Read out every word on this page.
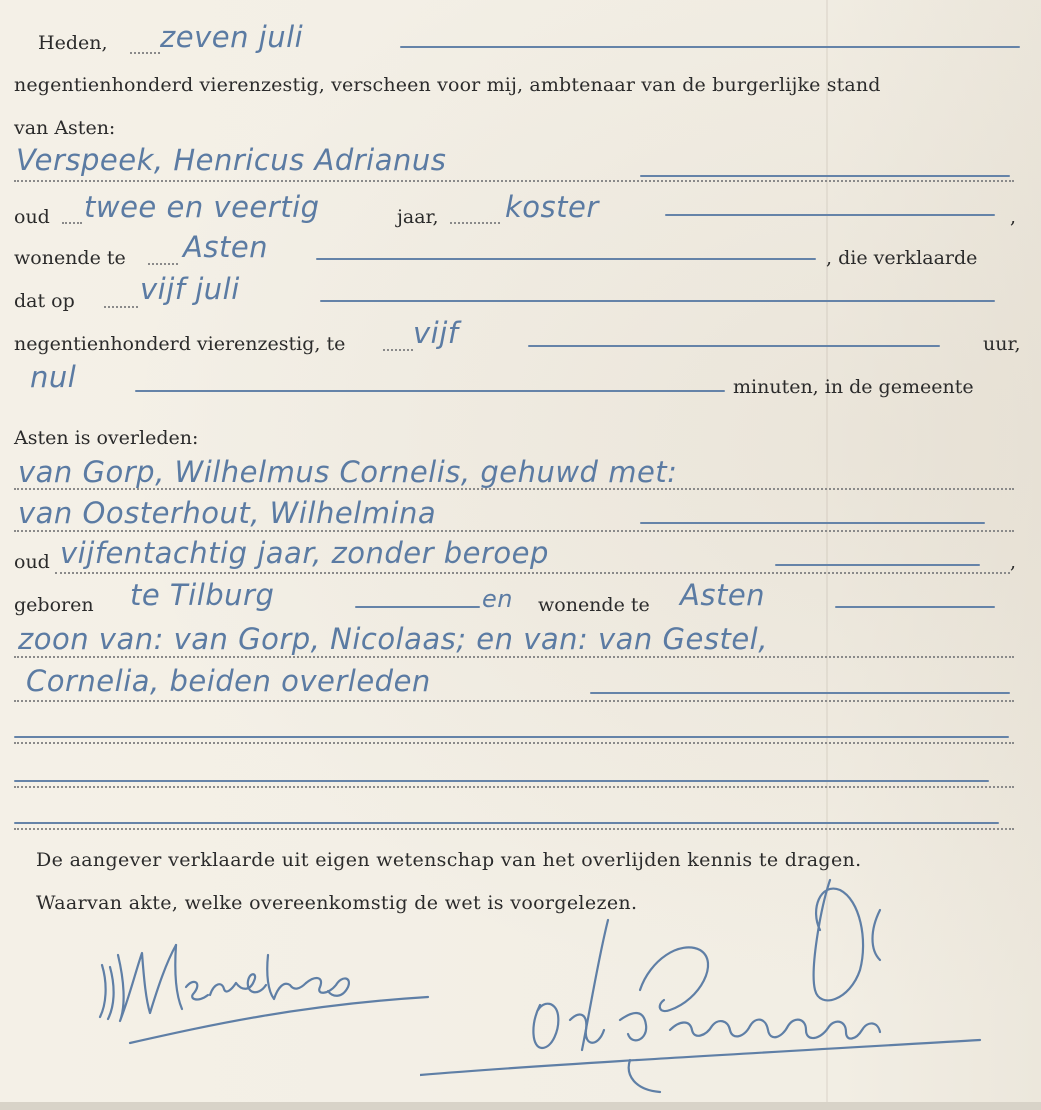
Heden, zeven juli
negentienhonderd vierenzestig, verscheen voor mij, ambtenaar van de burgerlijke stand
van Asten:
Verspeek, Henricus Adrianus
oud twee en veertig	jaar, koster	,
wonende te Asten	, die verklaarde
dat op vijf juli
negentienhonderd vierenzestig, te vijf	uur,
nul	minuten, in de gemeente
Asten is overleden:
van Gorp, Wilhelmus Cornelis, gehuwd met:
van Oosterhout, Wilhelmina
oud vijfentachtig jaar, zonder beroep	,
geboren te Tilburg	en wonende te Asten
zoon van: van Gorp, Nicolaas; en van: van Gestel,
Cornelia, beiden overleden
De aangever verklaarde uit eigen wetenschap van het overlijden kennis te dragen.
Waarvan akte, welke overeenkomstig de wet is voorgelezen.
